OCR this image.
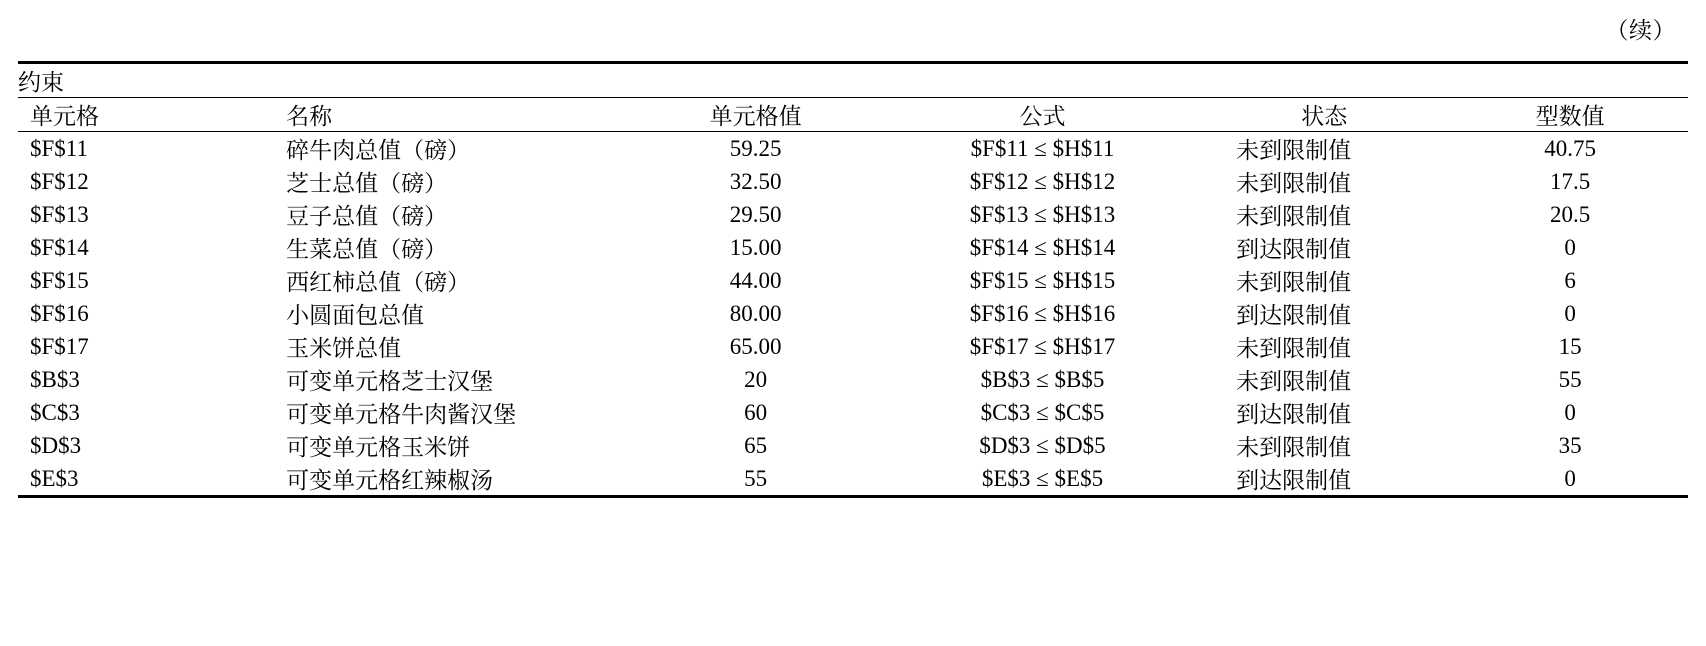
（续）
约束					
单元格	名称	单元格值	公式	状态	型数值
$F$11	碎牛肉总值（磅）	59.25	$F$11 ≤ $H$11	未到限制值	40.75
$F$12	芝士总值（磅）	32.50	$F$12 ≤ $H$12	未到限制值	17.5
$F$13	豆子总值（磅）	29.50	$F$13 ≤ $H$13	未到限制值	20.5
$F$14	生菜总值（磅）	15.00	$F$14 ≤ $H$14	到达限制值	0
$F$15	西红柿总值（磅）	44.00	$F$15 ≤ $H$15	未到限制值	6
$F$16	小圆面包总值	80.00	$F$16 ≤ $H$16	到达限制值	0
$F$17	玉米饼总值	65.00	$F$17 ≤ $H$17	未到限制值	15
$B$3	可变单元格芝士汉堡	20	$B$3 ≤ $B$5	未到限制值	55
$C$3	可变单元格牛肉酱汉堡	60	$C$3 ≤ $C$5	到达限制值	0
$D$3	可变单元格玉米饼	65	$D$3 ≤ $D$5	未到限制值	35
$E$3	可变单元格红辣椒汤	55	$E$3 ≤ $E$5	到达限制值	0
